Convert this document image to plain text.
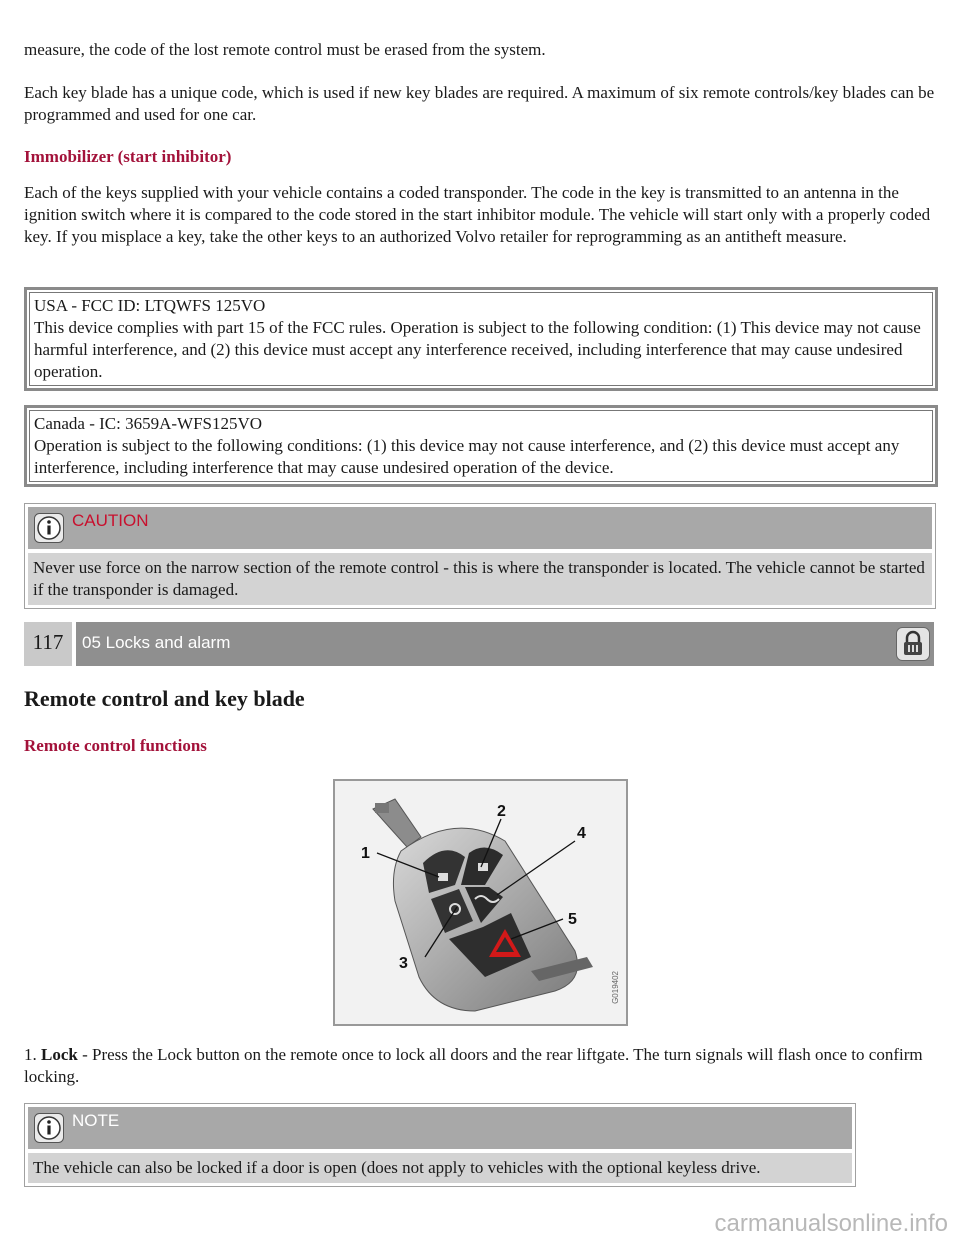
measure, the code of the lost remote control must be erased from the system.

Each key blade has a unique code, which is used if new key blades are required. A maximum of six remote controls/key blades can be programmed and used for one car.

Immobilizer (start inhibitor)

Each of the keys supplied with your vehicle contains a coded transponder. The code in the key is transmitted to an antenna in the ignition switch where it is compared to the code stored in the start inhibitor module. The vehicle will start only with a properly coded key. If you misplace a key, take the other keys to an authorized Volvo retailer for reprogramming as an antitheft measure.

USA - FCC ID: LTQWFS 125VO
This device complies with part 15 of the FCC rules. Operation is subject to the following condition: (1) This device may not cause harmful interference, and (2) this device must accept any interference received, including interference that may cause undesired operation.
Canada - IC: 3659A-WFS125VO
Operation is subject to the following conditions: (1) this device may not cause interference, and (2) this device must accept any interference, including interference that may cause undesired operation of the device.
CAUTION
Never use force on the narrow section of the remote control - this is where the transponder is located. The vehicle cannot be started if the transponder is damaged.
117	05 Locks and alarm
Remote control and key blade

Remote control functions

1
2
3
4
5
G019402

1. Lock - Press the Lock button on the remote once to lock all doors and the rear liftgate. The turn signals will flash once to confirm locking.

NOTE
The vehicle can also be locked if a door is open (does not apply to vehicles with the optional keyless drive.
carmanualsonline.info
